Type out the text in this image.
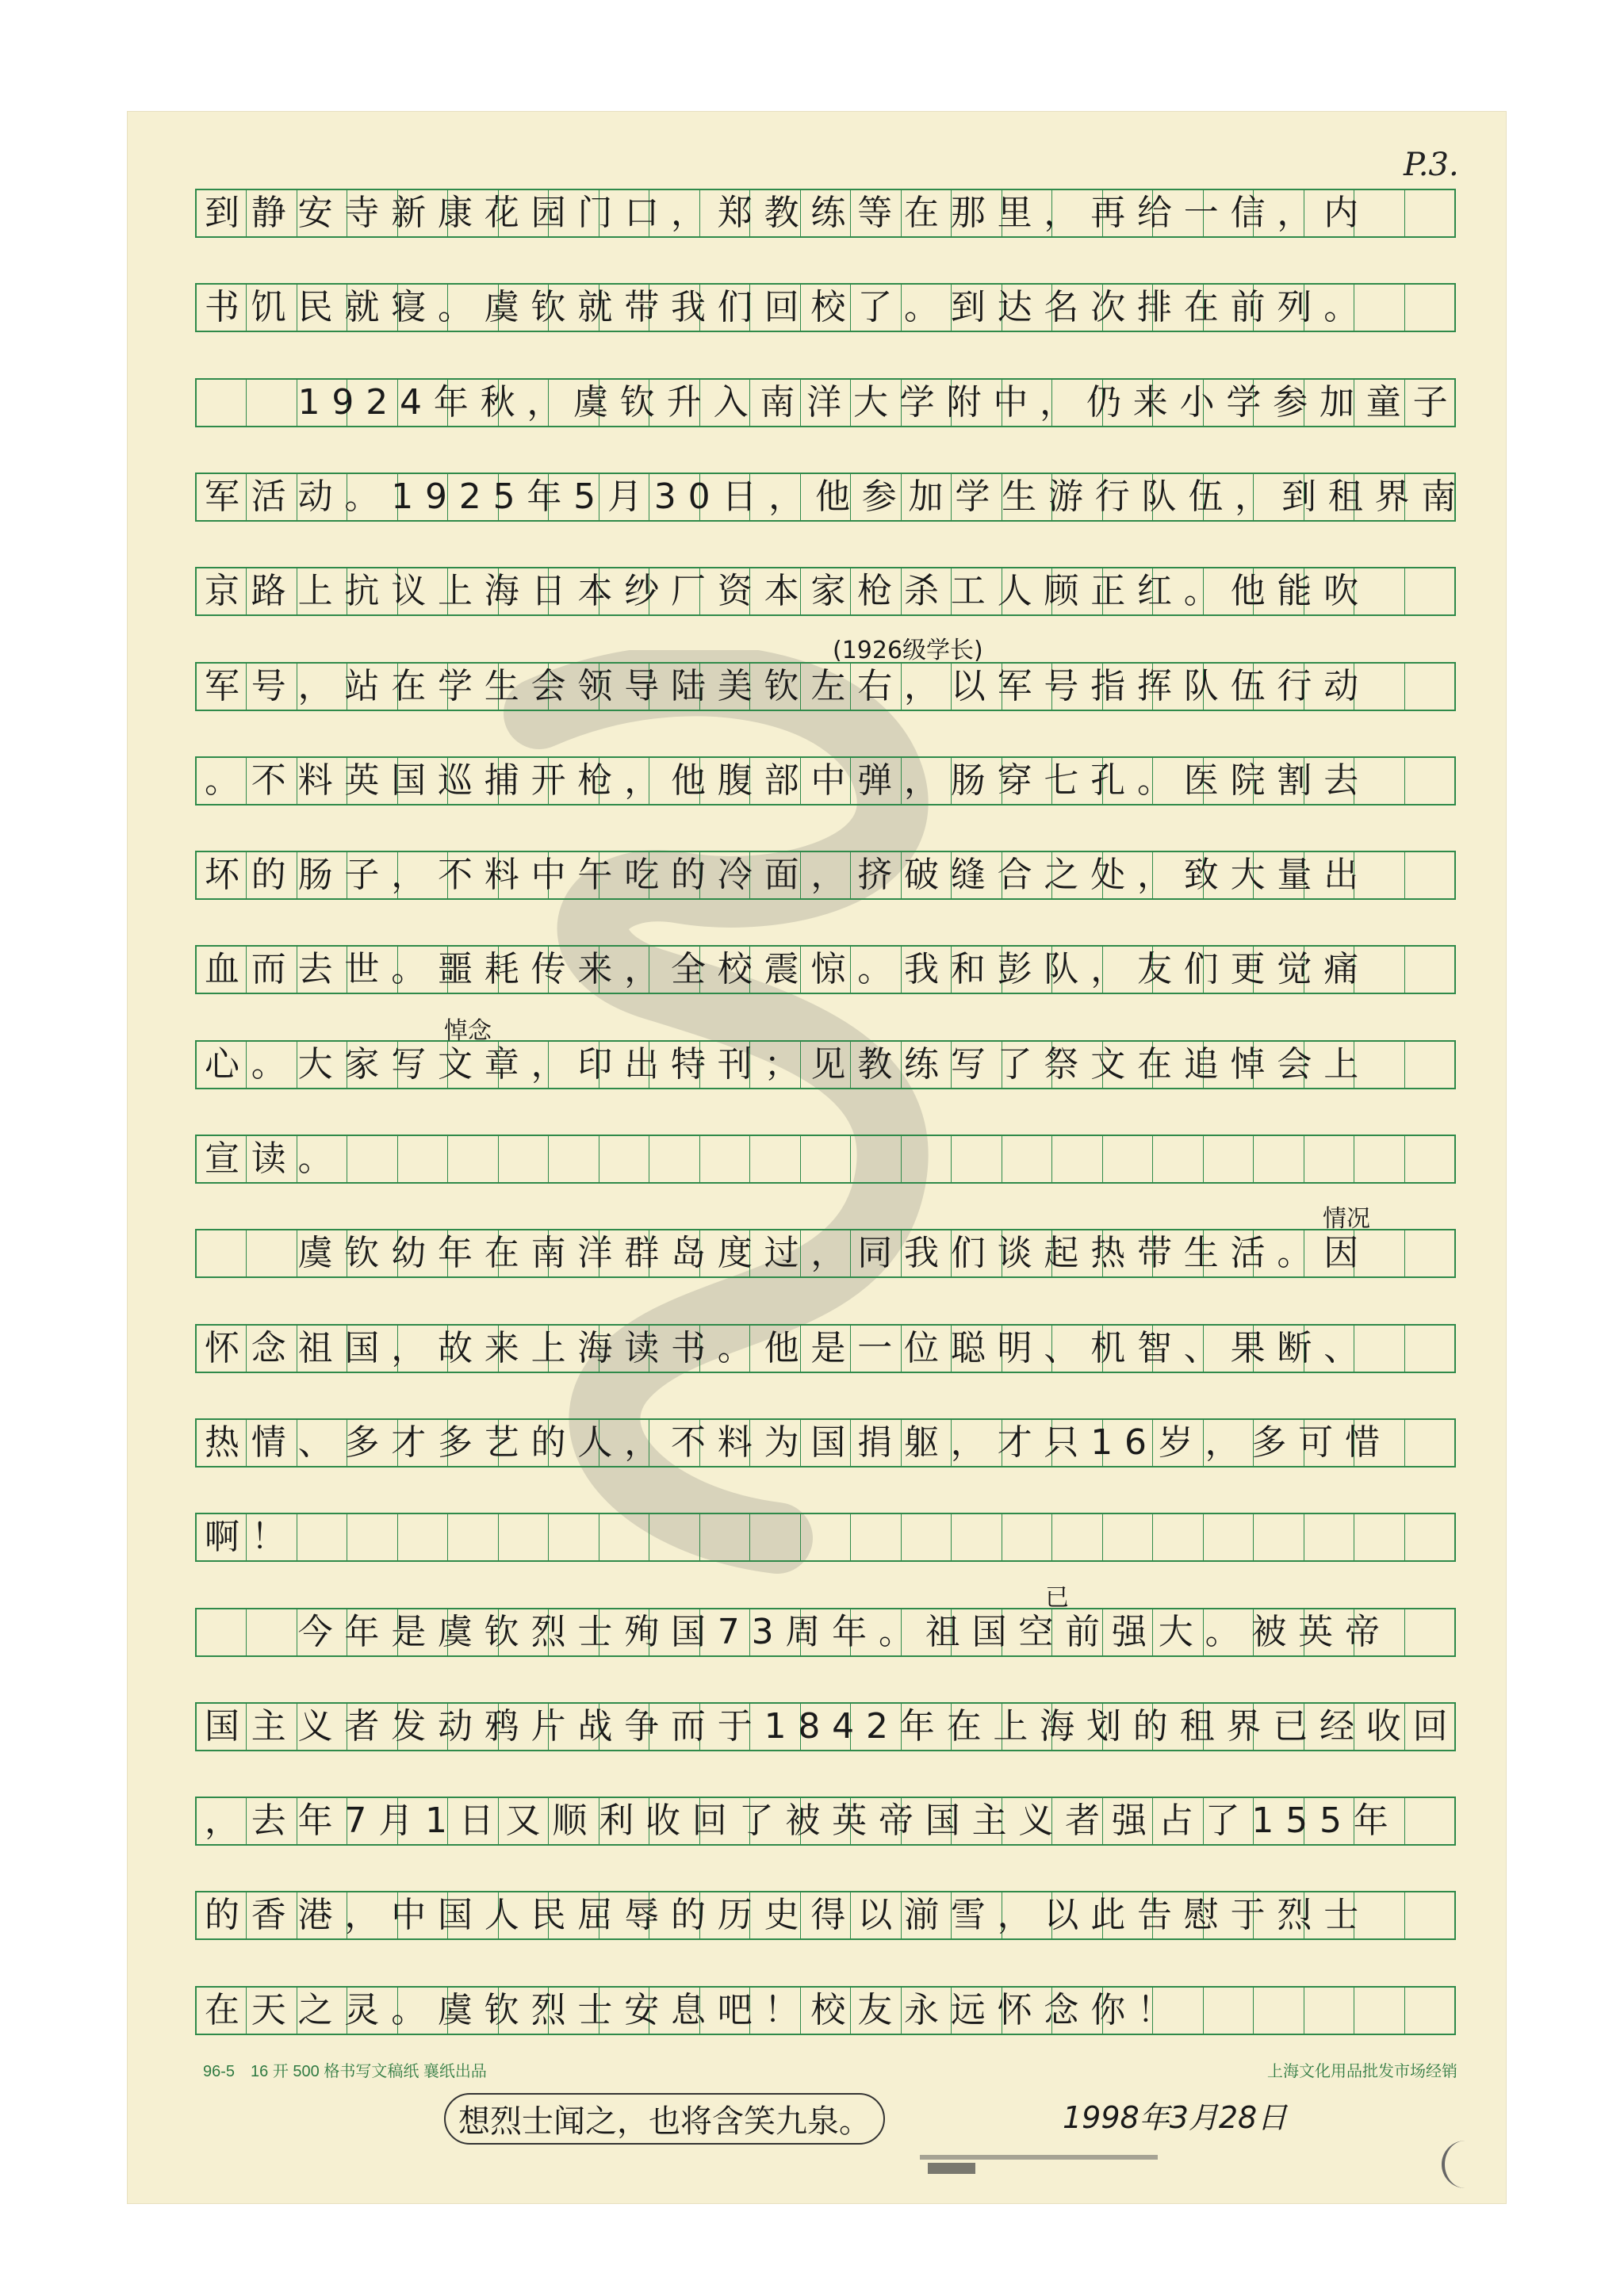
P.3.
到静安寺新康花园门口，郑教练等在那里，再给一信，内
书饥民就寝。虞钦就带我们回校了。到达名次排在前列。
　　1924年秋，虞钦升入南洋大学附中，仍来小学参加童子
军活动。1925年5月30日，他参加学生游行队伍，到租界南
京路上抗议上海日本纱厂资本家枪杀工人顾正红。他能吹
军号，站在学生会领导陆美钦左右，以军号指挥队伍行动
。不料英国巡捕开枪，他腹部中弹，肠穿七孔。医院割去
坏的肠子，不料中午吃的冷面，挤破缝合之处，致大量出
血而去世。噩耗传来，全校震惊。我和彭队，友们更觉痛
心。大家写文章，印出特刊；见教练写了祭文在追悼会上
宣读。
　　虞钦幼年在南洋群岛度过，同我们谈起热带生活。因
怀念祖国，故来上海读书。他是一位聪明、机智、果断、
热情、多才多艺的人，不料为国捐躯，才只16岁，多可惜
啊！
　　今年是虞钦烈士殉国73周年。祖国空前强大。被英帝
国主义者发动鸦片战争而于1842年在上海划的租界已经收回
，去年7月1日又顺利收回了被英帝国主义者强占了155年
的香港，中国人民屈辱的历史得以湔雪，以此告慰于烈士
在天之灵。虞钦烈士安息吧！校友永远怀念你！
(1926级学长)
悼念
情况
已
96-5　16 开 500 格书写文稿纸 襄纸出品	上海文化用品批发市场经销
想烈士闻之，也将含笑九泉。	1998年3月28日
